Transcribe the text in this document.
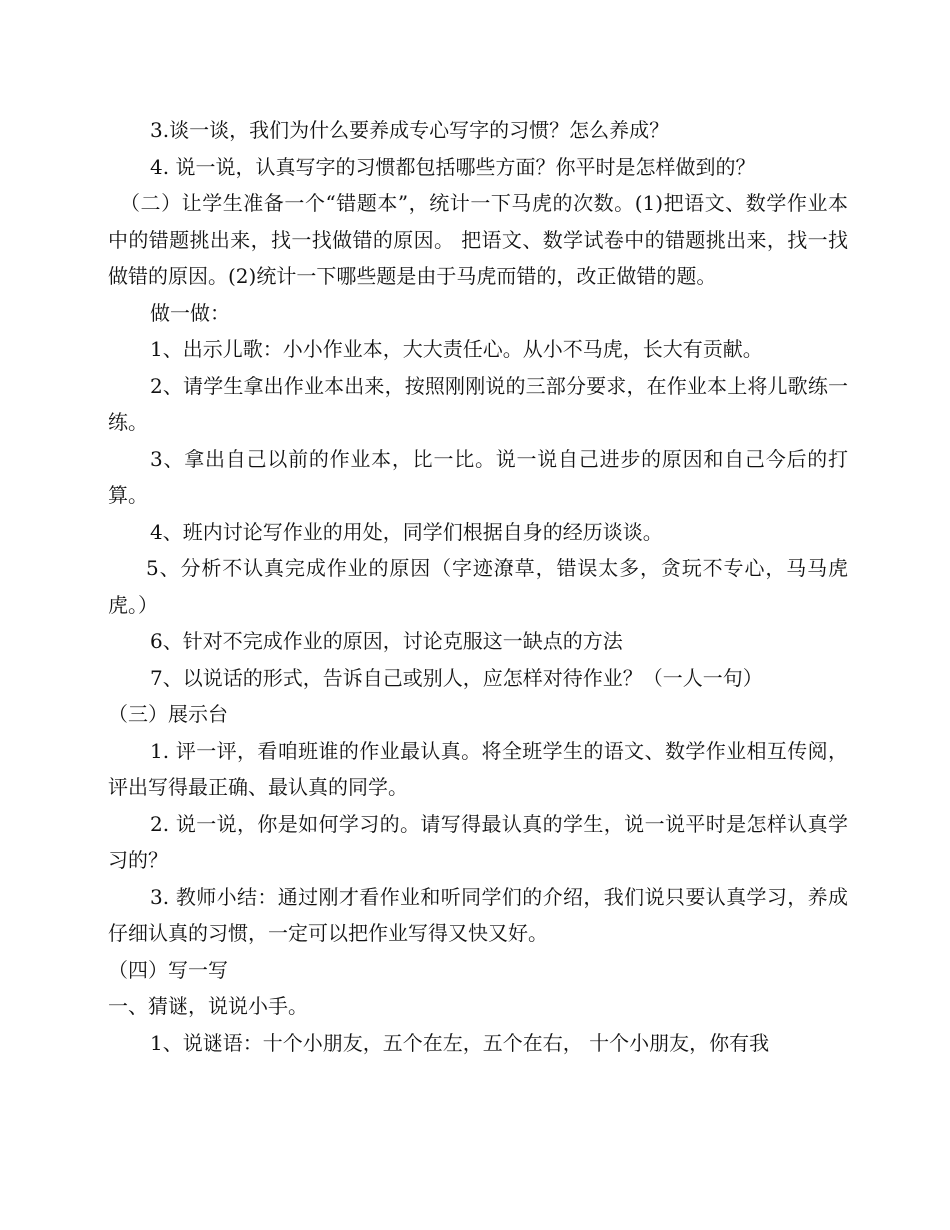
3.谈一谈，我们为什么要养成专心写字的习惯？怎么养成？

4. 说一说，认真写字的习惯都包括哪些方面？你平时是怎样做到的？

（二）让学生准备一个“错题本”，统计一下马虎的次数。(1)把语文、数学作业本中的错题挑出来，找一找做错的原因。 把语文、数学试卷中的错题挑出来，找一找做错的原因。(2)统计一下哪些题是由于马虎而错的，改正做错的题。

做一做：

1、出示儿歌：小小作业本，大大责任心。从小不马虎，长大有贡献。

2、请学生拿出作业本出来，按照刚刚说的三部分要求，在作业本上将儿歌练一练。

3、拿出自己以前的作业本，比一比。说一说自己进步的原因和自己今后的打算。

4、班内讨论写作业的用处，同学们根据自身的经历谈谈。

5、分析不认真完成作业的原因（字迹潦草，错误太多，贪玩不专心，马马虎虎。）

6、针对不完成作业的原因，讨论克服这一缺点的方法

7、以说话的形式，告诉自己或别人，应怎样对待作业？（一人一句）

（三）展示台

1. 评一评，看咱班谁的作业最认真。将全班学生的语文、数学作业相互传阅，评出写得最正确、最认真的同学。

2. 说一说，你是如何学习的。请写得最认真的学生，说一说平时是怎样认真学习的？

3. 教师小结：通过刚才看作业和听同学们的介绍，我们说只要认真学习，养成仔细认真的习惯，一定可以把作业写得又快又好。

（四）写一写

一、猜谜，说说小手。

1、说谜语：十个小朋友，五个在左，五个在右， 十个小朋友，你有我
